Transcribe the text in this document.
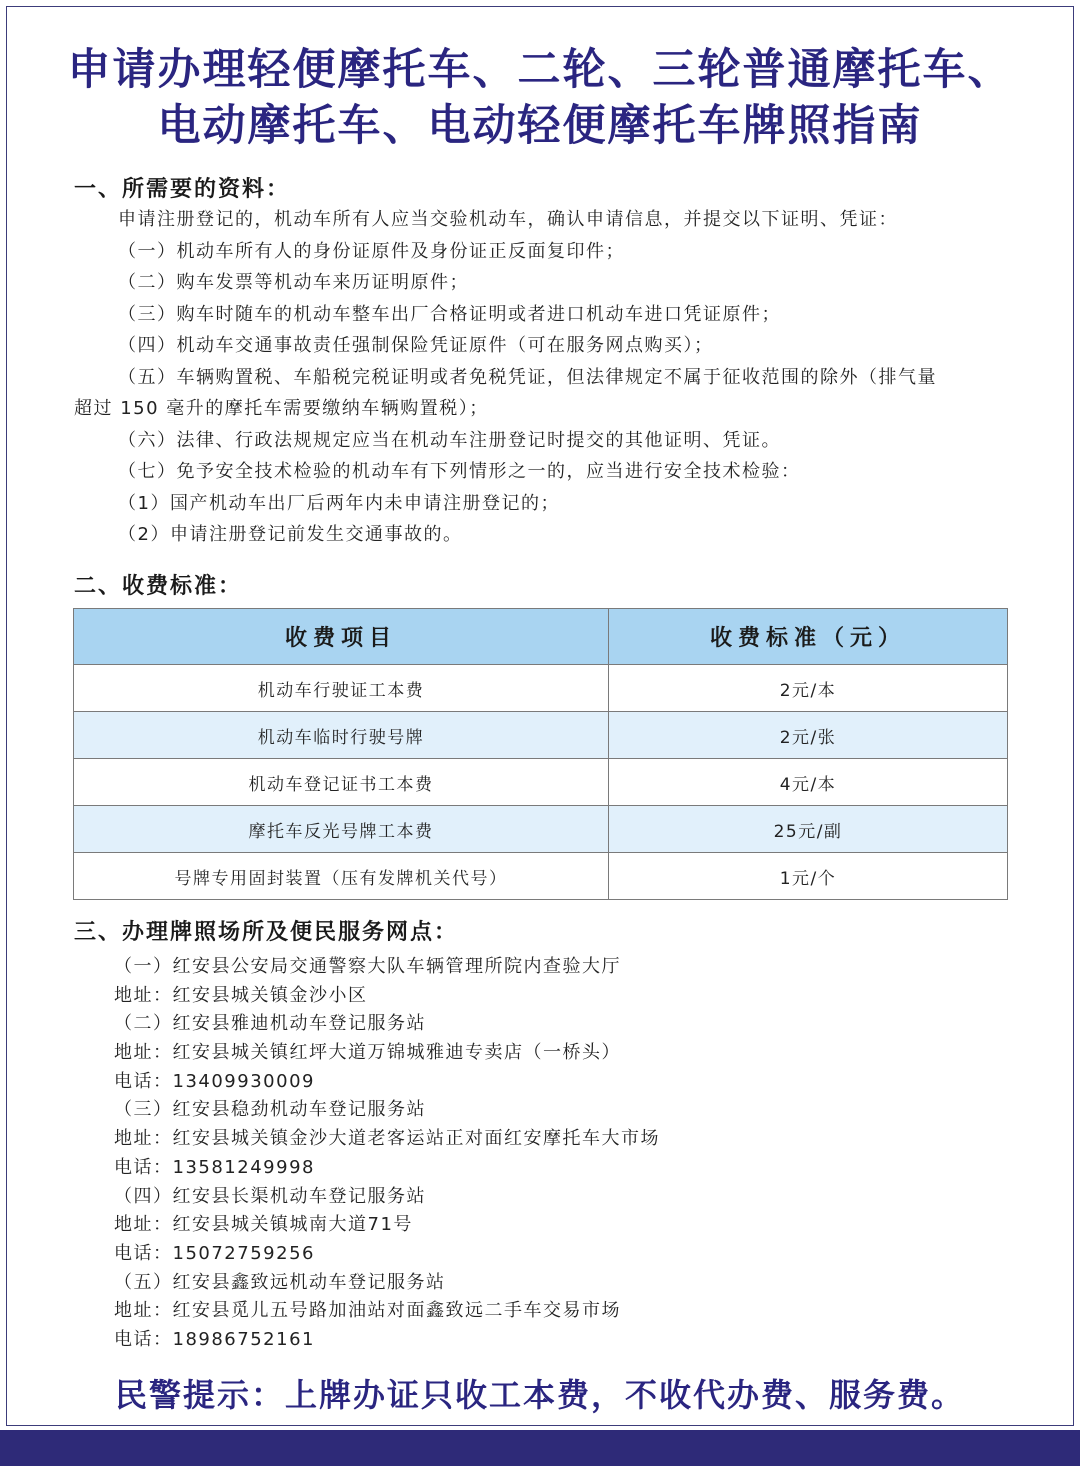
申请办理轻便摩托车、二轮、三轮普通摩托车、
电动摩托车、电动轻便摩托车牌照指南
一、所需要的资料：
申请注册登记的，机动车所有人应当交验机动车，确认申请信息，并提交以下证明、凭证：
（一）机动车所有人的身份证原件及身份证正反面复印件；
（二）购车发票等机动车来历证明原件；
（三）购车时随车的机动车整车出厂合格证明或者进口机动车进口凭证原件；
（四）机动车交通事故责任强制保险凭证原件（可在服务网点购买）；
（五）车辆购置税、车船税完税证明或者免税凭证，但法律规定不属于征收范围的除外（排气量
超过 150 毫升的摩托车需要缴纳车辆购置税）；
（六）法律、行政法规规定应当在机动车注册登记时提交的其他证明、凭证。
（七）免予安全技术检验的机动车有下列情形之一的，应当进行安全技术检验：
（1）国产机动车出厂后两年内未申请注册登记的；
（2）申请注册登记前发生交通事故的。
二、收费标准：
收费项目	收费标准（元）
机动车行驶证工本费	2元/本
机动车临时行驶号牌	2元/张
机动车登记证书工本费	4元/本
摩托车反光号牌工本费	25元/副
号牌专用固封装置（压有发牌机关代号）	1元/个
三、办理牌照场所及便民服务网点：
（一）红安县公安局交通警察大队车辆管理所院内查验大厅
地址：红安县城关镇金沙小区
（二）红安县雅迪机动车登记服务站
地址：红安县城关镇红坪大道万锦城雅迪专卖店（一桥头）
电话：13409930009
（三）红安县稳劲机动车登记服务站
地址：红安县城关镇金沙大道老客运站正对面红安摩托车大市场
电话：13581249998
（四）红安县长渠机动车登记服务站
地址：红安县城关镇城南大道71号
电话：15072759256
（五）红安县鑫致远机动车登记服务站
地址：红安县觅儿五号路加油站对面鑫致远二手车交易市场
电话：18986752161
民警提示：上牌办证只收工本费，不收代办费、服务费。
